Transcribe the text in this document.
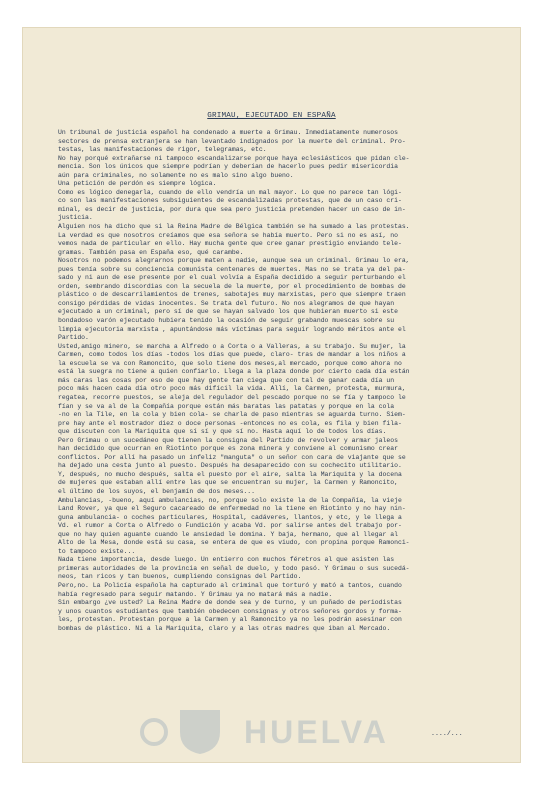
GRIMAU, EJECUTADO EN ESPAÑA
Un tribunal de justicia español ha condenado a muerte a Grimau. Inmediatamente numerosos
sectores de prensa extranjera se han levantado indignados por la muerte del criminal. Pro-
testas, las manifestaciones de rigor, telegramas, etc.
No hay porqué extrañarse ni tampoco escandalizarse porque haya eclesiásticos que pidan cle-
mencia. Son los únicos que siempre podrían y deberían de hacerlo pues pedir misericordia
aún para criminales, no solamente no es malo sino algo bueno.
Una petición de perdón es siempre lógica.
Como es lógico denegarla, cuando de ello vendría un mal mayor. Lo que no parece tan lógi-
co son las manifestaciones subsiguientes de escandalizadas protestas, que de un caso cri-
minal, es decir de justicia, por dura que sea pero justicia pretenden hacer un caso de in-
justicia.
Alguien nos ha dicho que si la Reina Madre de Bélgica también se ha sumado a las protestas.
La verdad es que nosotros creíamos que esa señora se había muerto. Pero si no es así, no
vemos nada de particular en ello. Hay mucha gente que cree ganar prestigio enviando tele-
gramas. También pasa en España eso, qué carambe.
Nosotros no podemos alegrarnos porque maten a nadie, aunque sea un criminal. Grimau lo era,
pues tenía sobre su conciencia comunista centenares de muertes. Mas no se trata ya del pa-
sado y ni aun de ese presente por el cual volvía a España decidido a seguir perturbando el
orden, sembrando discordias con la secuela de la muerte, por el procedimiento de bombas de
plástico o de descarrilamientos de trenes, sabotajes muy marxistas, pero que siempre traen
consigo pérdidas de vidas inocentes. Se trata del futuro. No nos alegramos de que hayan
ejecutado a un criminal, pero sí de que se hayan salvado los que hubieran muerto si este
bondadoso varón ejecutado hubiera tenido la ocasión de seguir grabando muescas sobre su
limpia ejecutoria marxista , apuntándose más víctimas para seguir logrando méritos ante el
Partido.
Usted,amigo minero, se marcha a Alfredo o a Corta o a Valleras, a su trabajo. Su mujer, la
Carmen, como todos los días -todos los días que puede, claro- tras de mandar a los niños a
la escuela se va con Ramoncito, que solo tiene dos meses,al mercado, porque como ahora no
está la suegra no tiene a quien confiarlo. Llega a la plaza donde por cierto cada día están
más caras las cosas por eso de que hay gente tan ciega que con tal de ganar cada día un
poco más hacen cada día otro poco más difícil la vida. Allí, la Carmen, protesta, murmura,
regatea, recorre puestos, se aleja del regulador del pescado porque no se fía y tampoco le
fían y se va al de la Compañía porque están más baratas las patatas y porque en la cola
-no en la Tile, en la cola y bien cola- se charla de paso mientras se aguarda turno. Siem-
pre hay ante el mostrador diez o doce personas -entonces no es cola, es fila y bien fila-
que discuten con la Mariquita que sí sí y que sí no. Hasta aquí lo de todos los días.
Pero Grimau o un sucedáneo que tienen la consigna del Partido de revolver y armar jaleos
han decidido que ocurran en Riotinto porque es zona minera y conviene al comunismo crear
conflictos. Por allí ha pasado un infeliz "manguta" o un señor con cara de viajante que se
ha dejado una cesta junto al puesto. Después ha desaparecido con su cochecito utilitario.
Y, después, no mucho después, salta el puesto por el aire, salta la Mariquita y la docena
de mujeres que estaban allí entre las que se encuentran su mujer, la Carmen y Ramoncito,
el último de los suyos, el benjamín de dos meses...
Ambulancias, -bueno, aquí ambulancias, no, porque solo existe la de la Compañía, la vieje
Land Rover, ya que el Seguro cacareado de enfermedad no la tiene en Riotinto y no hay nin-
guna ambulancia- o coches particulares, Hospital, cadáveres, llantos, y etc, y le llega a
Vd. el rumor a Corta o Alfredo o Fundición y acaba Vd. por salirse antes del trabajo por-
que no hay quien aguante cuando le ansiedad le domina. Y baja, hermano, que al llegar al
Alto de la Mesa, donde está su casa, se entera de que es viudo, con propina porque Ramonci-
to tampoco existe...
Nada tiene importancia, desde luego. Un entierro con muchos féretros al que asisten las
primeras autoridades de la provincia en señal de duelo, y todo pasó. Y Grimau o sus sucedá-
neos, tan ricos y tan buenos, cumpliendo consignas del Partido.
Pero,no. La Policía española ha capturado al criminal que torturó y mató a tantos, cuando
había regresado para seguir matando. Y Grimau ya no matará más a nadie.
Sin embargo ¿ve usted? La Reina Madre de donde sea y de turno, y un puñado de periodistas
y unos cuantos estudiantes que también obedecen consignas y otros señores gordos y forma-
les, protestan. Protestan porque a la Carmen y al Ramoncito ya no les podrán asesinar con
bombas de plástico. Ni a la Mariquita, claro y a las otras madres que iban al Mercado.
..../...
HUELVA
